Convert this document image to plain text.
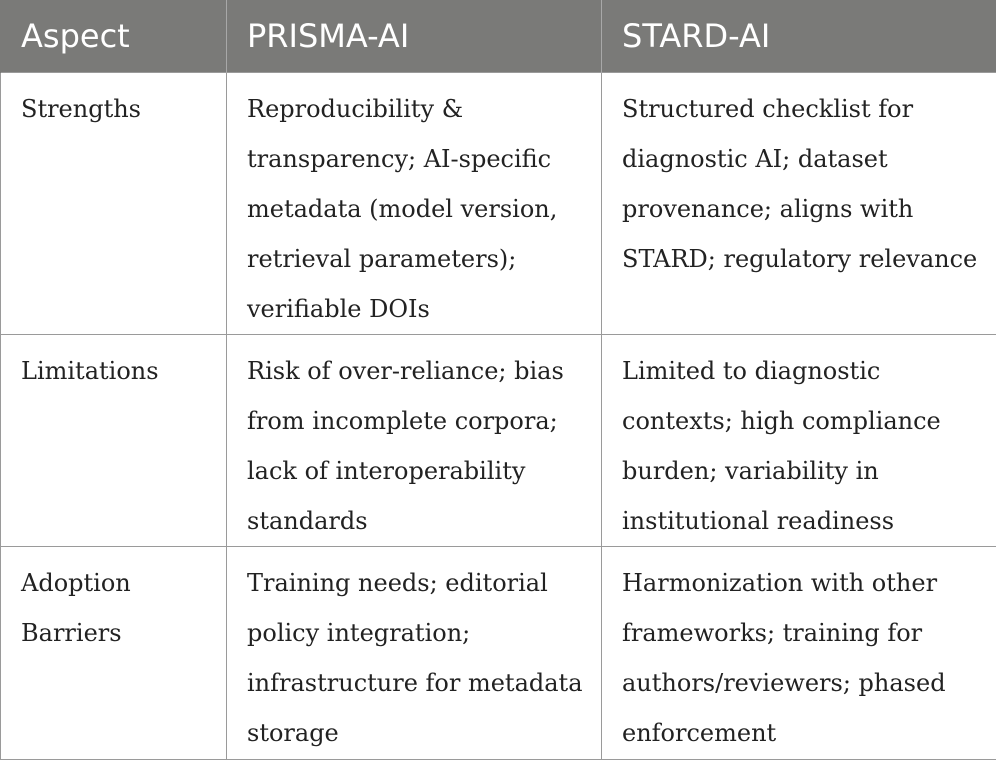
Aspect	PRISMA-AI	STARD-AI
Strengths	Reproducibility & transparency; AI-specific metadata (model version, retrieval parameters); verifiable DOIs	Structured checklist for diagnostic AI; dataset provenance; aligns with STARD; regulatory relevance
Limitations	Risk of over-reliance; bias from incomplete corpora; lack of interoperability standards	Limited to diagnostic contexts; high compliance burden; variability in institutional readiness
Adoption Barriers	Training needs; editorial policy integration; infrastructure for metadata storage	Harmonization with other frameworks; training for authors/reviewers; phased enforcement
